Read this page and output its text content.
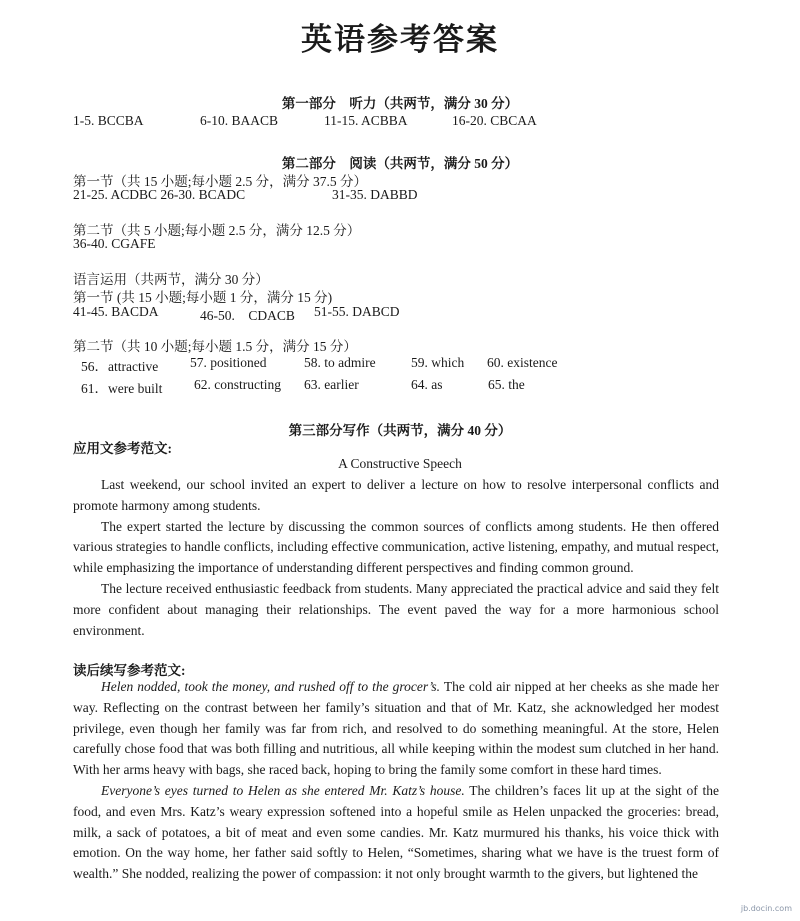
英语参考答案
第一部分　听力（共两节，满分 30 分）
1-5. BCCBA	6-10. BAACB	11-15. ACBBA	16-20. CBCAA
第二部分　阅读（共两节，满分 50 分）
第一节（共 15 小题;每小题 2.5 分，满分 37.5 分）
21-25. ACDBC 26-30. BCADC	31-35. DABBD
第二节（共 5 小题;每小题 2.5 分，满分 12.5 分）
36-40. CGAFE
语言运用（共两节，满分 30 分）
第一节 (共 15 小题;每小题 1 分，满分 15 分)
41-45. BACDA	46-50.　CDACB 51-55. DABCD
第二节（共 10 小题;每小题 1.5 分，满分 15 分）
56．attractive 57. positioned	58. to admire	59. which 60. existence
61．were built 62. constructing 63. earlier	64. as	65. the
第三部分写作（共两节，满分 40 分）
应用文参考范文:
A Constructive Speech

Last weekend, our school invited an expert to deliver a lecture on how to resolve interpersonal conflicts and promote harmony among students.

The expert started the lecture by discussing the common sources of conflicts among students. He then offered various strategies to handle conflicts, including effective communication, active listening, empathy, and mutual respect, while emphasizing the importance of understanding different perspectives and finding common ground.

The lecture received enthusiastic feedback from students. Many appreciated the practical advice and said they felt more confident about managing their relationships. The event paved the way for a more harmonious school environment.

读后续写参考范文:

Helen nodded, took the money, and rushed off to the grocer’s. The cold air nipped at her cheeks as she made her way. Reflecting on the contrast between her family’s situation and that of Mr. Katz, she acknowledged her modest privilege, even though her family was far from rich, and resolved to do something meaningful. At the store, Helen carefully chose food that was both filling and nutritious, all while keeping within the modest sum clutched in her hand. With her arms heavy with bags, she raced back, hoping to bring the family some comfort in these hard times.

Everyone’s eyes turned to Helen as she entered Mr. Katz’s house. The children’s faces lit up at the sight of the food, and even Mrs. Katz’s weary expression softened into a hopeful smile as Helen unpacked the groceries: bread, milk, a sack of potatoes, a bit of meat and even some candies. Mr. Katz murmured his thanks, his voice thick with emotion. On the way home, her father said softly to Helen, “Sometimes, sharing what we have is the truest form of wealth.” She nodded, realizing the power of compassion: it not only brought warmth to the givers, but lightened the

jb.docin.com
